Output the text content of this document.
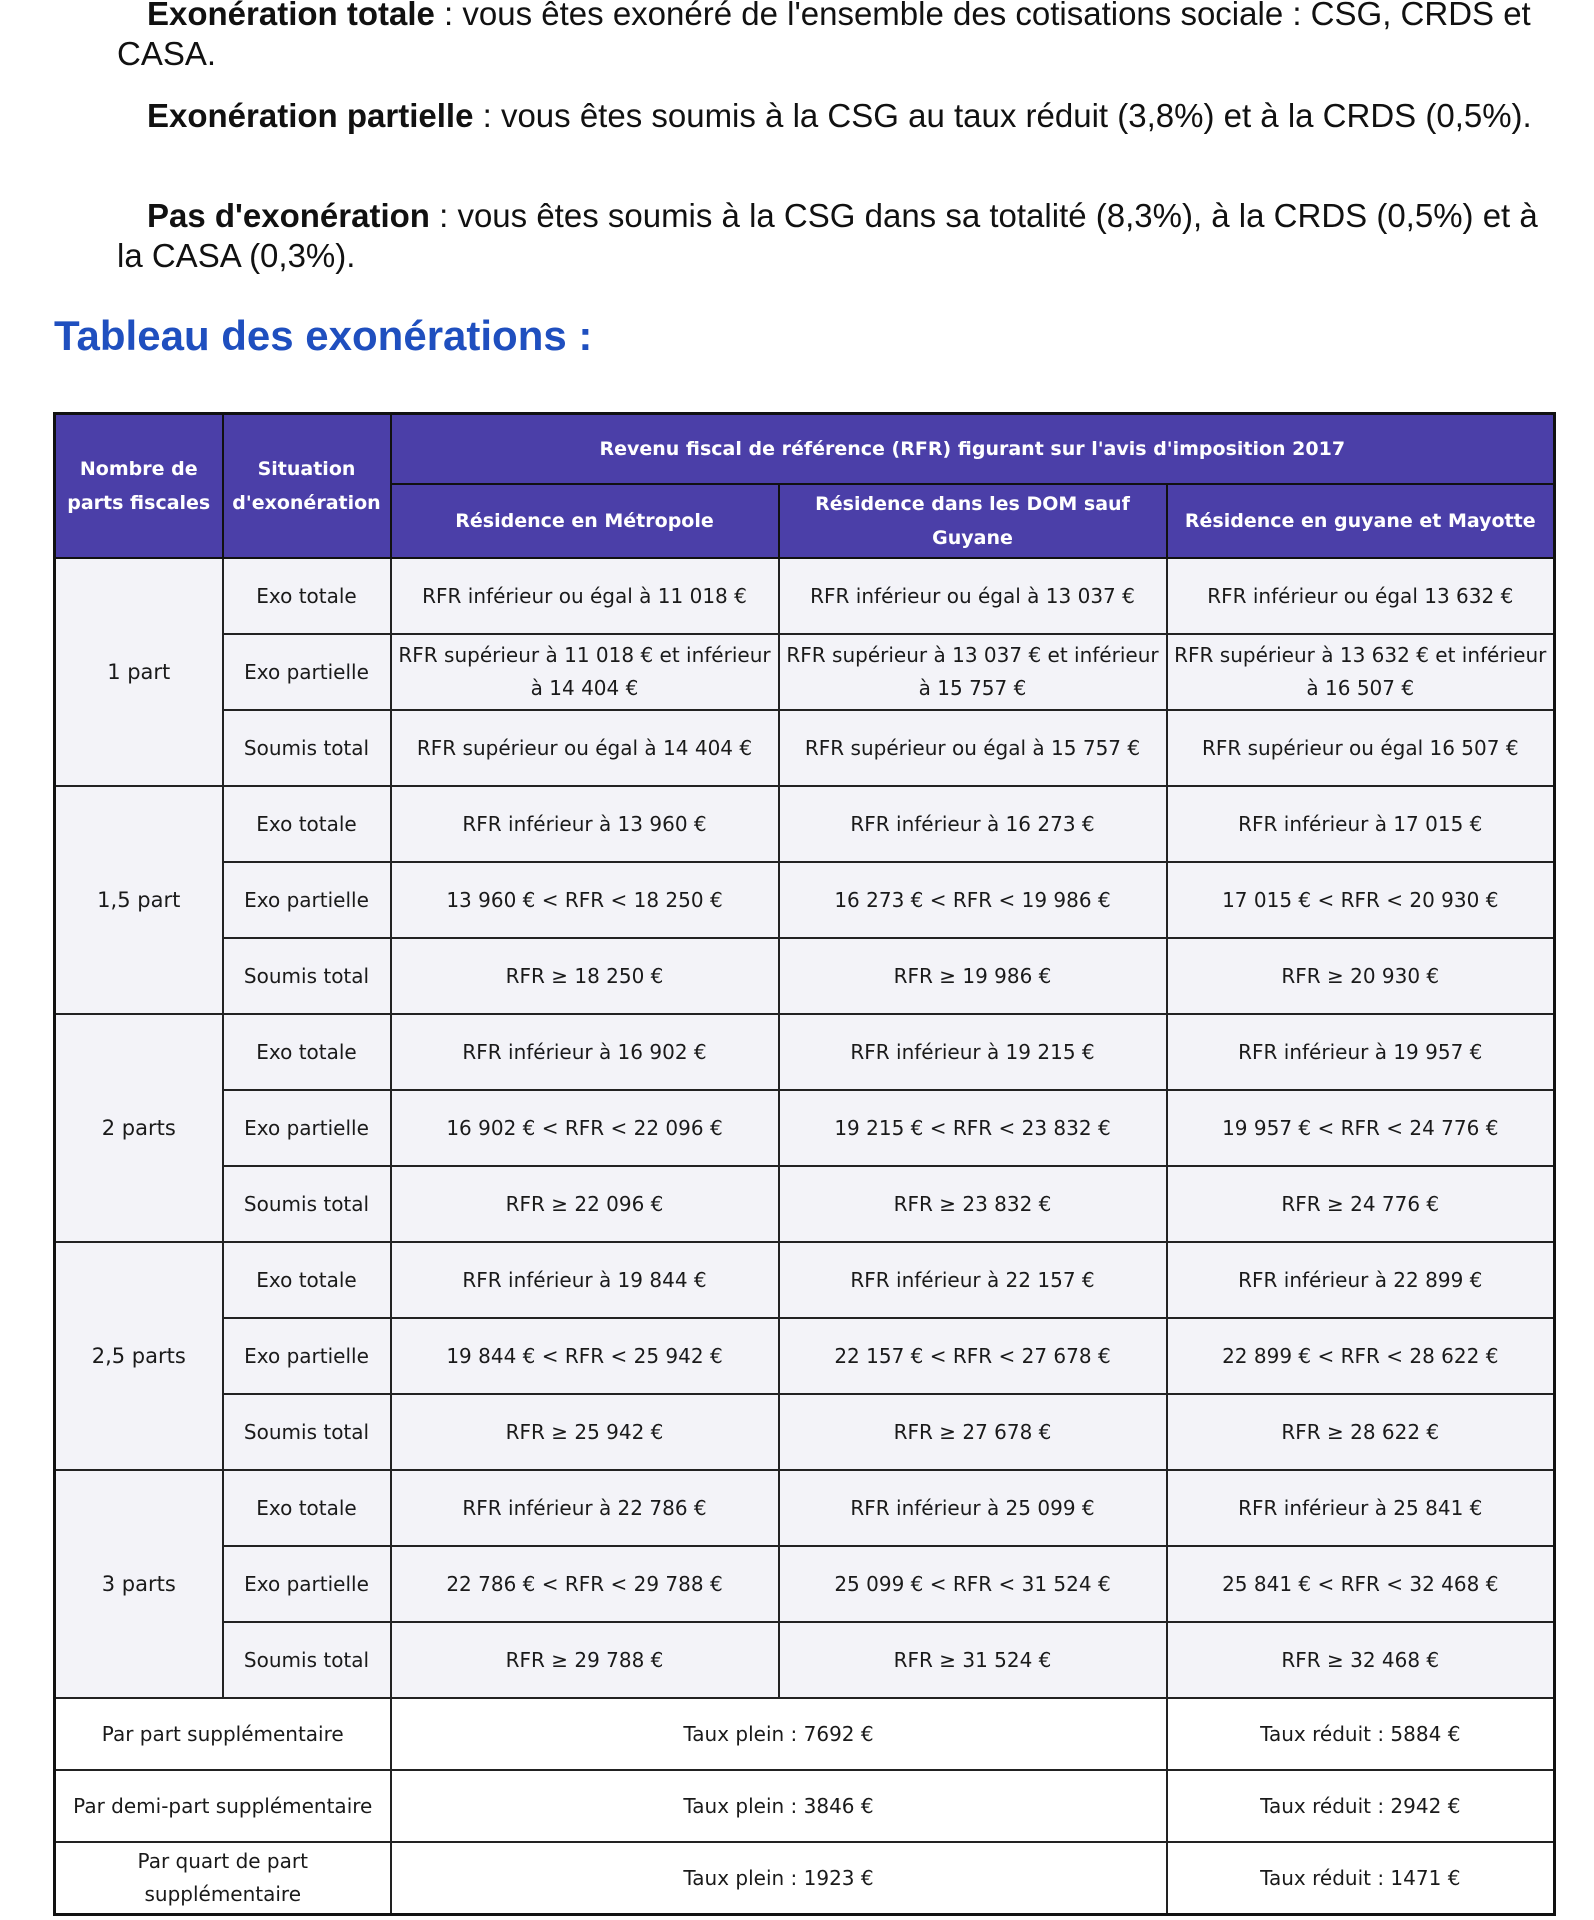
Exonération totale : vous êtes exonéré de l'ensemble des cotisations sociale : CSG, CRDS et CASA.

Exonération partielle : vous êtes soumis à la CSG au taux réduit (3,8%) et à la CRDS (0,5%).

Pas d'exonération : vous êtes soumis à la CSG dans sa totalité (8,3%), à la CRDS (0,5%) et à la CASA (0,3%).

Tableau des exonérations :
Nombre de parts fiscales	Situation d'exonération	Revenu fiscal de référence (RFR) figurant sur l'avis d'imposition 2017		
		Résidence en Métropole	Résidence dans les DOM sauf Guyane	Résidence en guyane et Mayotte
1 part	Exo totale	RFR inférieur ou égal à 11 018 €	RFR inférieur ou égal à 13 037 €	RFR inférieur ou égal 13 632 €
	Exo partielle	RFR supérieur à 11 018 € et inférieur à 14 404 €	RFR supérieur à 13 037 € et inférieur à 15 757 €	RFR supérieur à 13 632 € et inférieur à 16 507 €
	Soumis total	RFR supérieur ou égal à 14 404 €	RFR supérieur ou égal à 15 757 €	RFR supérieur ou égal 16 507 €
1,5 part	Exo totale	RFR inférieur à 13 960 €	RFR inférieur à 16 273 €	RFR inférieur à 17 015 €
	Exo partielle	13 960 € < RFR < 18 250 €	16 273 € < RFR < 19 986 €	17 015 € < RFR < 20 930 €
	Soumis total	RFR ≥ 18 250 €	RFR ≥ 19 986 €	RFR ≥ 20 930 €
2 parts	Exo totale	RFR inférieur à 16 902 €	RFR inférieur à 19 215 €	RFR inférieur à 19 957 €
	Exo partielle	16 902 € < RFR < 22 096 €	19 215 € < RFR < 23 832 €	19 957 € < RFR < 24 776 €
	Soumis total	RFR ≥ 22 096 €	RFR ≥ 23 832 €	RFR ≥ 24 776 €
2,5 parts	Exo totale	RFR inférieur à 19 844 €	RFR inférieur à 22 157 €	RFR inférieur à 22 899 €
	Exo partielle	19 844 € < RFR < 25 942 €	22 157 € < RFR < 27 678 €	22 899 € < RFR < 28 622 €
	Soumis total	RFR ≥ 25 942 €	RFR ≥ 27 678 €	RFR ≥ 28 622 €
3 parts	Exo totale	RFR inférieur à 22 786 €	RFR inférieur à 25 099 €	RFR inférieur à 25 841 €
	Exo partielle	22 786 € < RFR < 29 788 €	25 099 € < RFR < 31 524 €	25 841 € < RFR < 32 468 €
	Soumis total	RFR ≥ 29 788 €	RFR ≥ 31 524 €	RFR ≥ 32 468 €
Par part supplémentaire		Taux plein : 7692 €		Taux réduit : 5884 €
Par demi-part supplémentaire		Taux plein : 3846 €		Taux réduit : 2942 €
Par quart de part supplémentaire		Taux plein : 1923 €		Taux réduit : 1471 €
